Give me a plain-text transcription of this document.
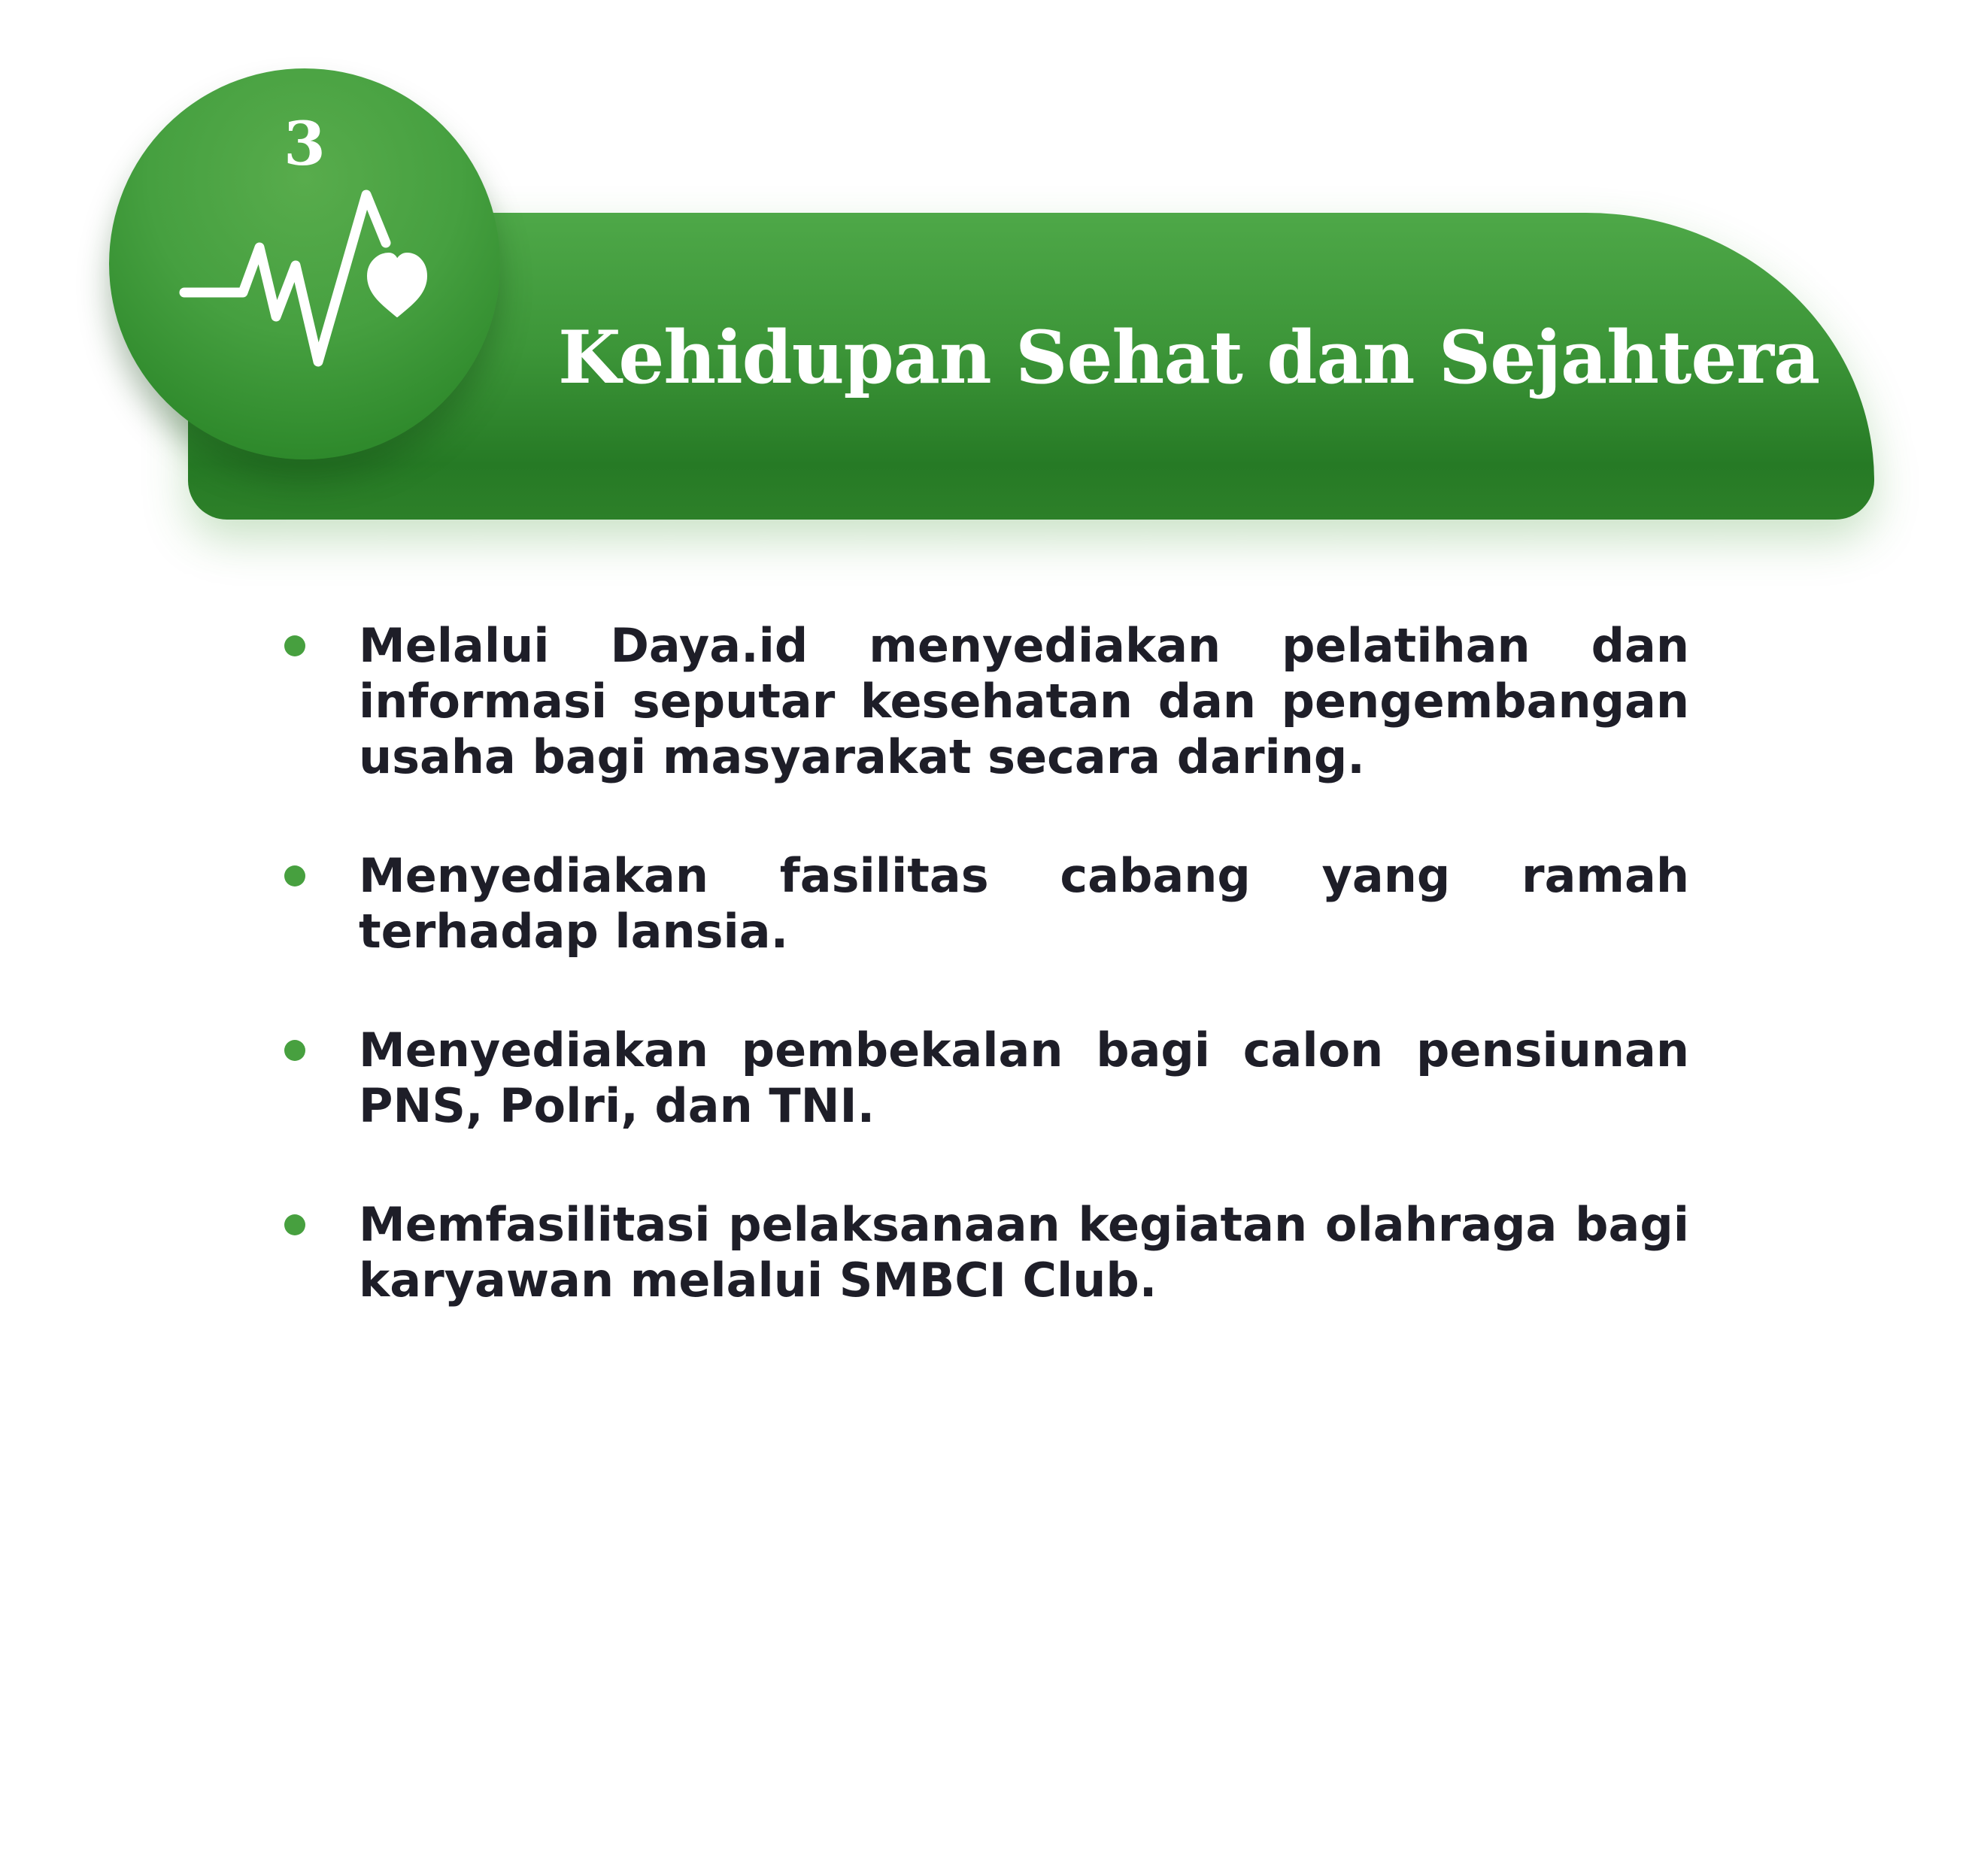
Kehidupan Sehat dan Sejahtera
3
Melalui Daya.id menyediakan pelatihan dan informasi seputar kesehatan dan pengembangan usaha bagi masyarakat secara daring.
Menyediakan fasilitas cabang yang ramah terhadap lansia.
Menyediakan pembekalan bagi calon pensiunan PNS, Polri, dan TNI.
Memfasilitasi pelaksanaan kegiatan olahraga bagi karyawan melalui SMBCI Club.
